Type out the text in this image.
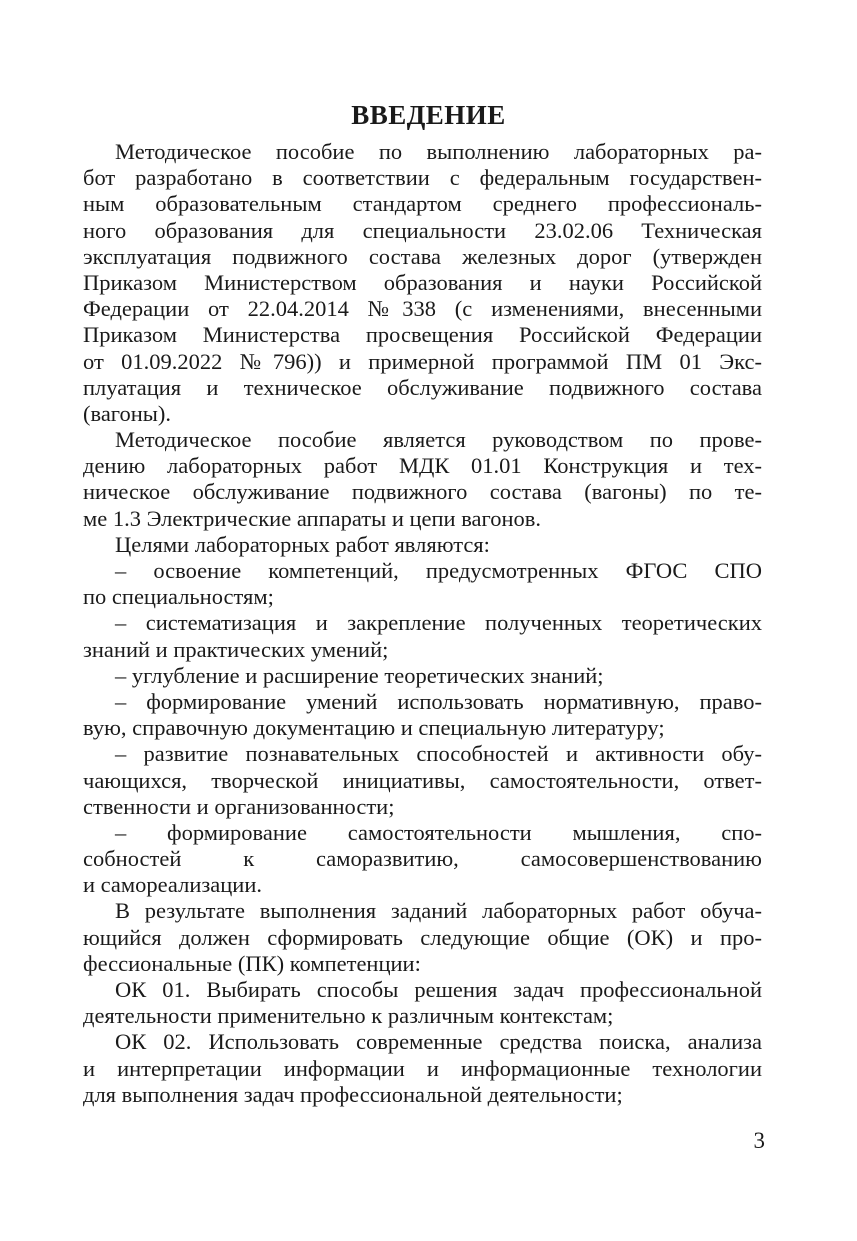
ВВЕДЕНИЕ
Методическое пособие по выполнению лабораторных ра-
бот разработано в соответствии с федеральным государствен-
ным образовательным стандартом среднего профессиональ-
ного образования для специальности 23.02.06 Техническая
эксплуатация подвижного состава железных дорог (утвержден
Приказом Министерством образования и науки Российской
Федерации от 22.04.2014 №338 (с изменениями, внесенными
Приказом Министерства просвещения Российской Федерации
от 01.09.2022 №796)) и примерной программой ПМ 01 Экс-
плуатация и техническое обслуживание подвижного состава
(вагоны).
Методическое пособие является руководством по прове-
дению лабораторных работ МДК 01.01 Конструкция и тех-
ническое обслуживание подвижного состава (вагоны) по те-
ме 1.3 Электрические аппараты и цепи вагонов.
Целями лабораторных работ являются:
– освоение компетенций, предусмотренных ФГОС СПО
по специальностям;
– систематизация и закрепление полученных теоретических
знаний и практических умений;
– углубление и расширение теоретических знаний;
– формирование умений использовать нормативную, право-
вую, справочную документацию и специальную литературу;
– развитие познавательных способностей и активности обу-
чающихся, творческой инициативы, самостоятельности, ответ-
ственности и организованности;
– формирование самостоятельности мышления, спо-
собностей к саморазвитию, самосовершенствованию
и самореализации.
В результате выполнения заданий лабораторных работ обуча-
ющийся должен сформировать следующие общие (ОК) и про-
фессиональные (ПК) компетенции:
ОК 01. Выбирать способы решения задач профессиональной
деятельности применительно к различным контекстам;
ОК 02. Использовать современные средства поиска, анализа
и интерпретации информации и информационные технологии
для выполнения задач профессиональной деятельности;
3
